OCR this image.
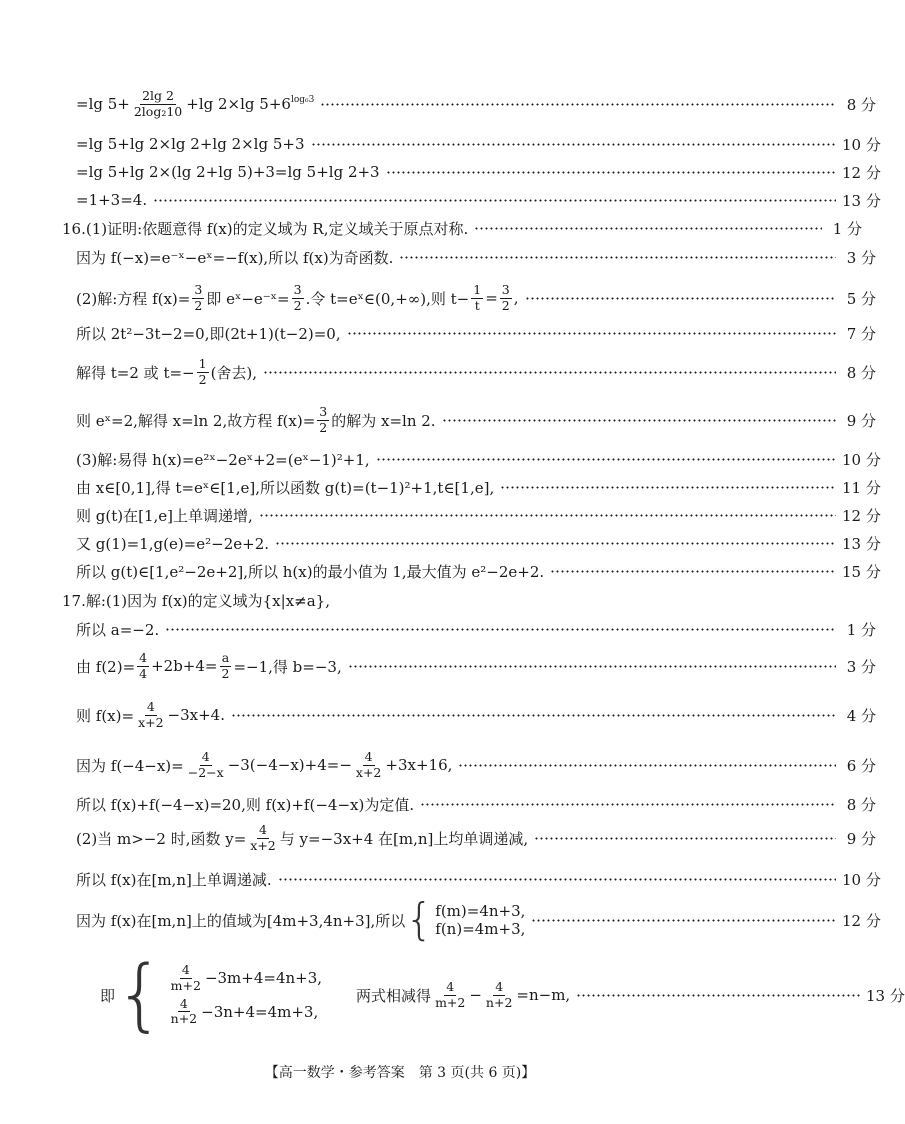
=lg $5+ \frac{2\lg 2}{\text{2log₂10}} +\lg$ 2×lg $5+6^{log_63}$	8 分
=lg 5+lg 2×lg 2+lg 2×lg 5+3	10 分
=lg 5+lg 2×(lg 2+lg 5)+3=lg 5+lg 2+3	12 分
=1+3=4.	13 分
16.(1)证明:依题意得 f(x)的定义域为 R,定义域关于原点对称.	1 分
因为 f(−x)=e⁻ˣ−eˣ=−f(x),所以 f(x)为奇函数.	3 分
(2)解:方程 $f(x)= \frac{3}{2}$ 即 eˣ−e⁻ˣ= $\frac{3}{2}$ .令 t=eˣ∈(0,+∞),则 $t- \frac{1}{t} = \frac{3}{2}$ ,	5 分
所以 2t²−3t−2=0,即(2t+1)(t−2)=0,	7 分
解得 t=2 或 $t=- \frac{1}{2}$ (舍去),	8 分
则 eˣ=2,解得 x=ln 2,故方程 $f(x)= \frac{3}{2}$ 的解为 x=ln 2.	9 分
(3)解:易得 h(x)=e²ˣ−2eˣ+2=(eˣ−1)²+1,	10 分
由 x∈[0,1],得 t=eˣ∈[1,e],所以函数 g(t)=(t−1)²+1,t∈[1,e],	11 分
则 g(t)在[1,e]上单调递增,	12 分
又 g(1)=1,g(e)=e²−2e+2.	13 分
所以 g(t)∈[1,e²−2e+2],所以 h(x)的最小值为 1,最大值为 e²−2e+2.	15 分
17.解:(1)因为 f(x)的定义域为{x|x≠a},
所以 a=−2.	1 分
由 $f(2)= \frac{4}{4} +2b+4= \frac{a}{2} =-1$,得 b=−3,	3 分
则 $f(x)= \frac{4}{x+2} -3x+4$.	4 分
因为 $f(-4-x)= \frac{4}{-2-x} -3(-4-x)+4=- \frac{4}{x+2} +3x+16$,	6 分
所以 f(x)+f(−4−x)=20,则 f(x)+f(−4−x)为定值.	8 分
(2)当 m>−2 时,函数 $y= \frac{4}{x+2}$ 与 y=−3x+4 在[m,n]上均单调递减,	9 分
所以 f(x)在[m,n]上单调递减.	10 分
因为 f(x)在[m,n]上的值域为[4m+3,4n+3],所以 { f(m)=4n+3,
f(n)=4m+3,	12 分
即 { $\frac{4}{m+2} -3m+4=4n+3$,
$\frac{4}{n+2} -3n+4=4m+3$,
两式相减得 $\frac{4}{m+2} - \frac{4}{n+2} =n-m$,	13 分
【高一数学・参考答案　第 3 页(共 6 页)】
